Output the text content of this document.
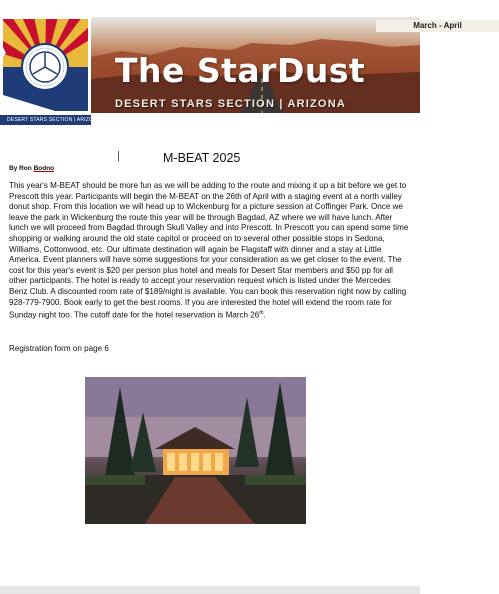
DESERT STARS SECTION | ARIZONA
March - April
The StarDust
DESERT STARS SECTION | ARIZONA
|	M-BEAT 2025
By Ron Bodno
This year's M-BEAT should be more fun as we will be adding to the route and mixing it up a bit before we get to Prescott this year. Participants will begin the M-BEAT on the 26th of April with a staging event at a north valley donut shop. From this location we will head up to Wickenburg for a picture session at Coffinger Park. Once we leave the park in Wickenburg the route this year will be through Bagdad, AZ where we will have lunch. After lunch we will proceed from Bagdad through Skull Valley and into Prescott. In Prescott you can spend some time shopping or walking around the old state capitol or proceed on to several other possible stops in Sedona, Williams, Cottonwood, etc. Our ultimate destination will again be Flagstaff with dinner and a stay at Little America. Event planners will have some suggestions for your consideration as we get closer to the event. The cost for this year's event is $20 per person plus hotel and meals for Desert Star members and $50 pp for all other participants. The hotel is ready to accept your reservation request which is listed under the Mercedes Benz Club. A discounted room rate of $189/night is available. You can book this reservation right now by calling 928-779-7900. Book early to get the best rooms. If you are interested the hotel will extend the room rate for Sunday night too. The cutoff date for the hotel reservation is March 26th.
Registration form on page 6
